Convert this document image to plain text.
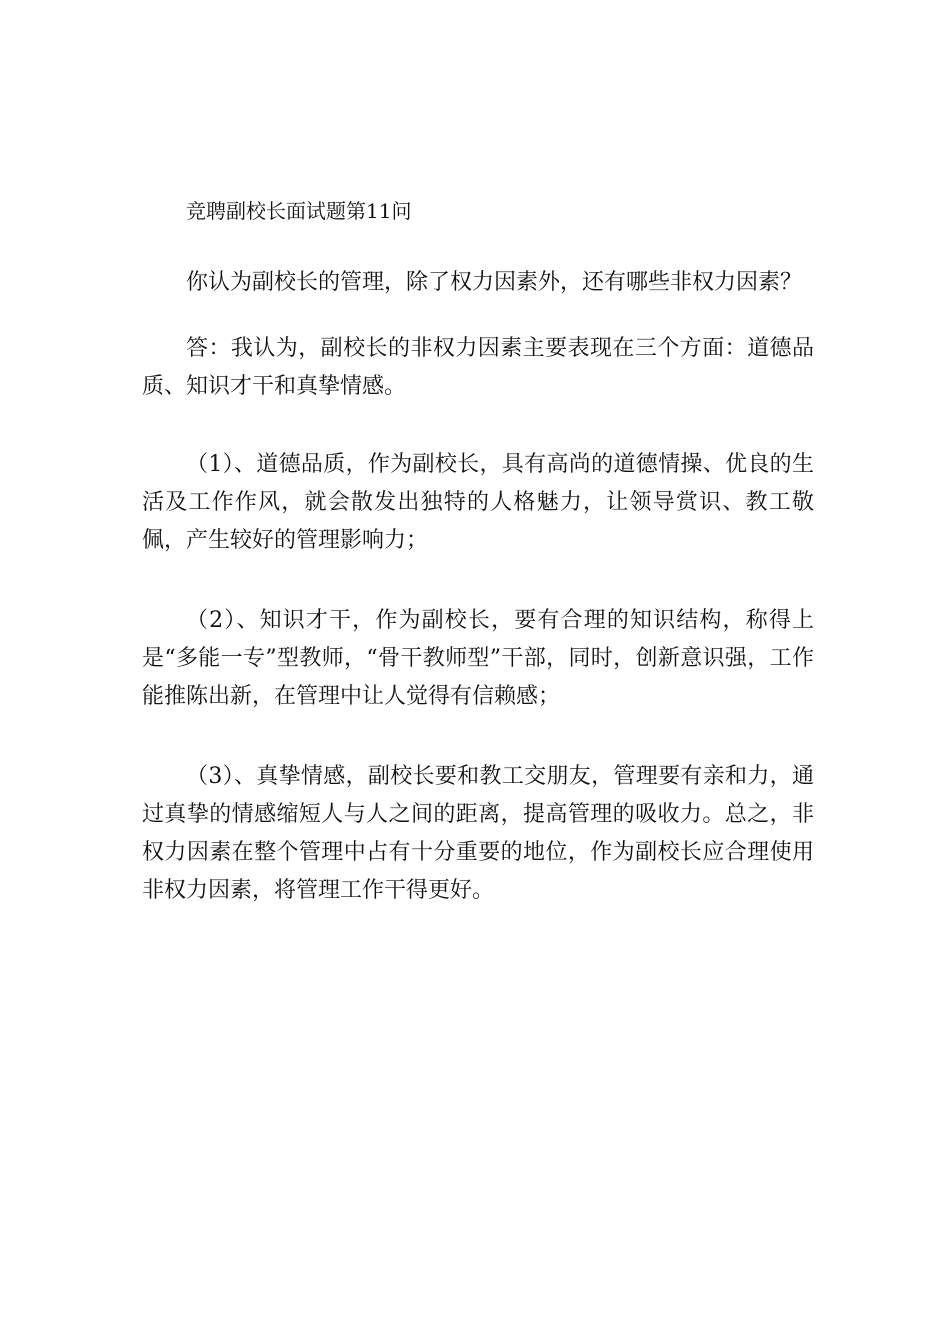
竞聘副校长面试题第11问

你认为副校长的管理，除了权力因素外，还有哪些非权力因素？

答：我认为，副校长的非权力因素主要表现在三个方面：道德品质、知识才干和真挚情感。

（1）、道德品质，作为副校长，具有高尚的道德情操、优良的生活及工作作风，就会散发出独特的人格魅力，让领导赏识、教工敬佩，产生较好的管理影响力；

（2）、知识才干，作为副校长，要有合理的知识结构，称得上是“多能一专”型教师，“骨干教师型”干部，同时，创新意识强，工作能推陈出新，在管理中让人觉得有信赖感；

（3）、真挚情感，副校长要和教工交朋友，管理要有亲和力，通过真挚的情感缩短人与人之间的距离，提高管理的吸收力。总之，非权力因素在整个管理中占有十分重要的地位，作为副校长应合理使用非权力因素，将管理工作干得更好。
